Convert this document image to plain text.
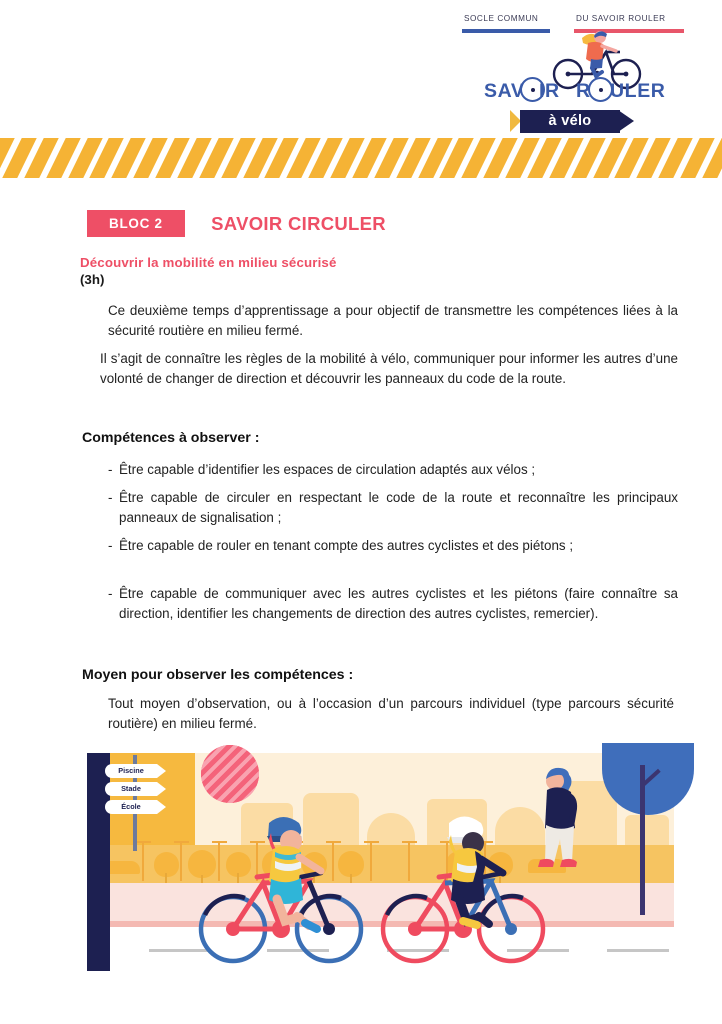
SOCLE COMMUN	DU SAVOIR ROULER
SAV IR R ULER
à vélo
BLOC 2	SAVOIR CIRCULER
Découvrir la mobilité en milieu sécurisé
(3h)

Ce deuxième temps d’apprentissage a pour objectif de transmettre les compétences liées à la sécurité routière en milieu fermé.

Il s’agit de connaître les règles de la mobilité à vélo, communiquer pour informer les autres d’une volonté de changer de direction et découvrir les panneaux du code de la route.

Compétences à observer :
- Être capable d’identifier les espaces de circulation adaptés aux vélos ;
- Être capable de circuler en respectant le code de la route et reconnaître les principaux panneaux de signalisation ;
- Être capable de rouler en tenant compte des autres cyclistes et des piétons ;
- Être capable de communiquer avec les autres cyclistes et les piétons (faire connaître sa direction, identifier les changements de direction des autres cyclistes, remercier).
Moyen pour observer les compétences :

Tout moyen d’observation, ou à l’occasion d’un parcours individuel (type parcours sécurité routière) en milieu fermé.

Piscine
Stade
École
